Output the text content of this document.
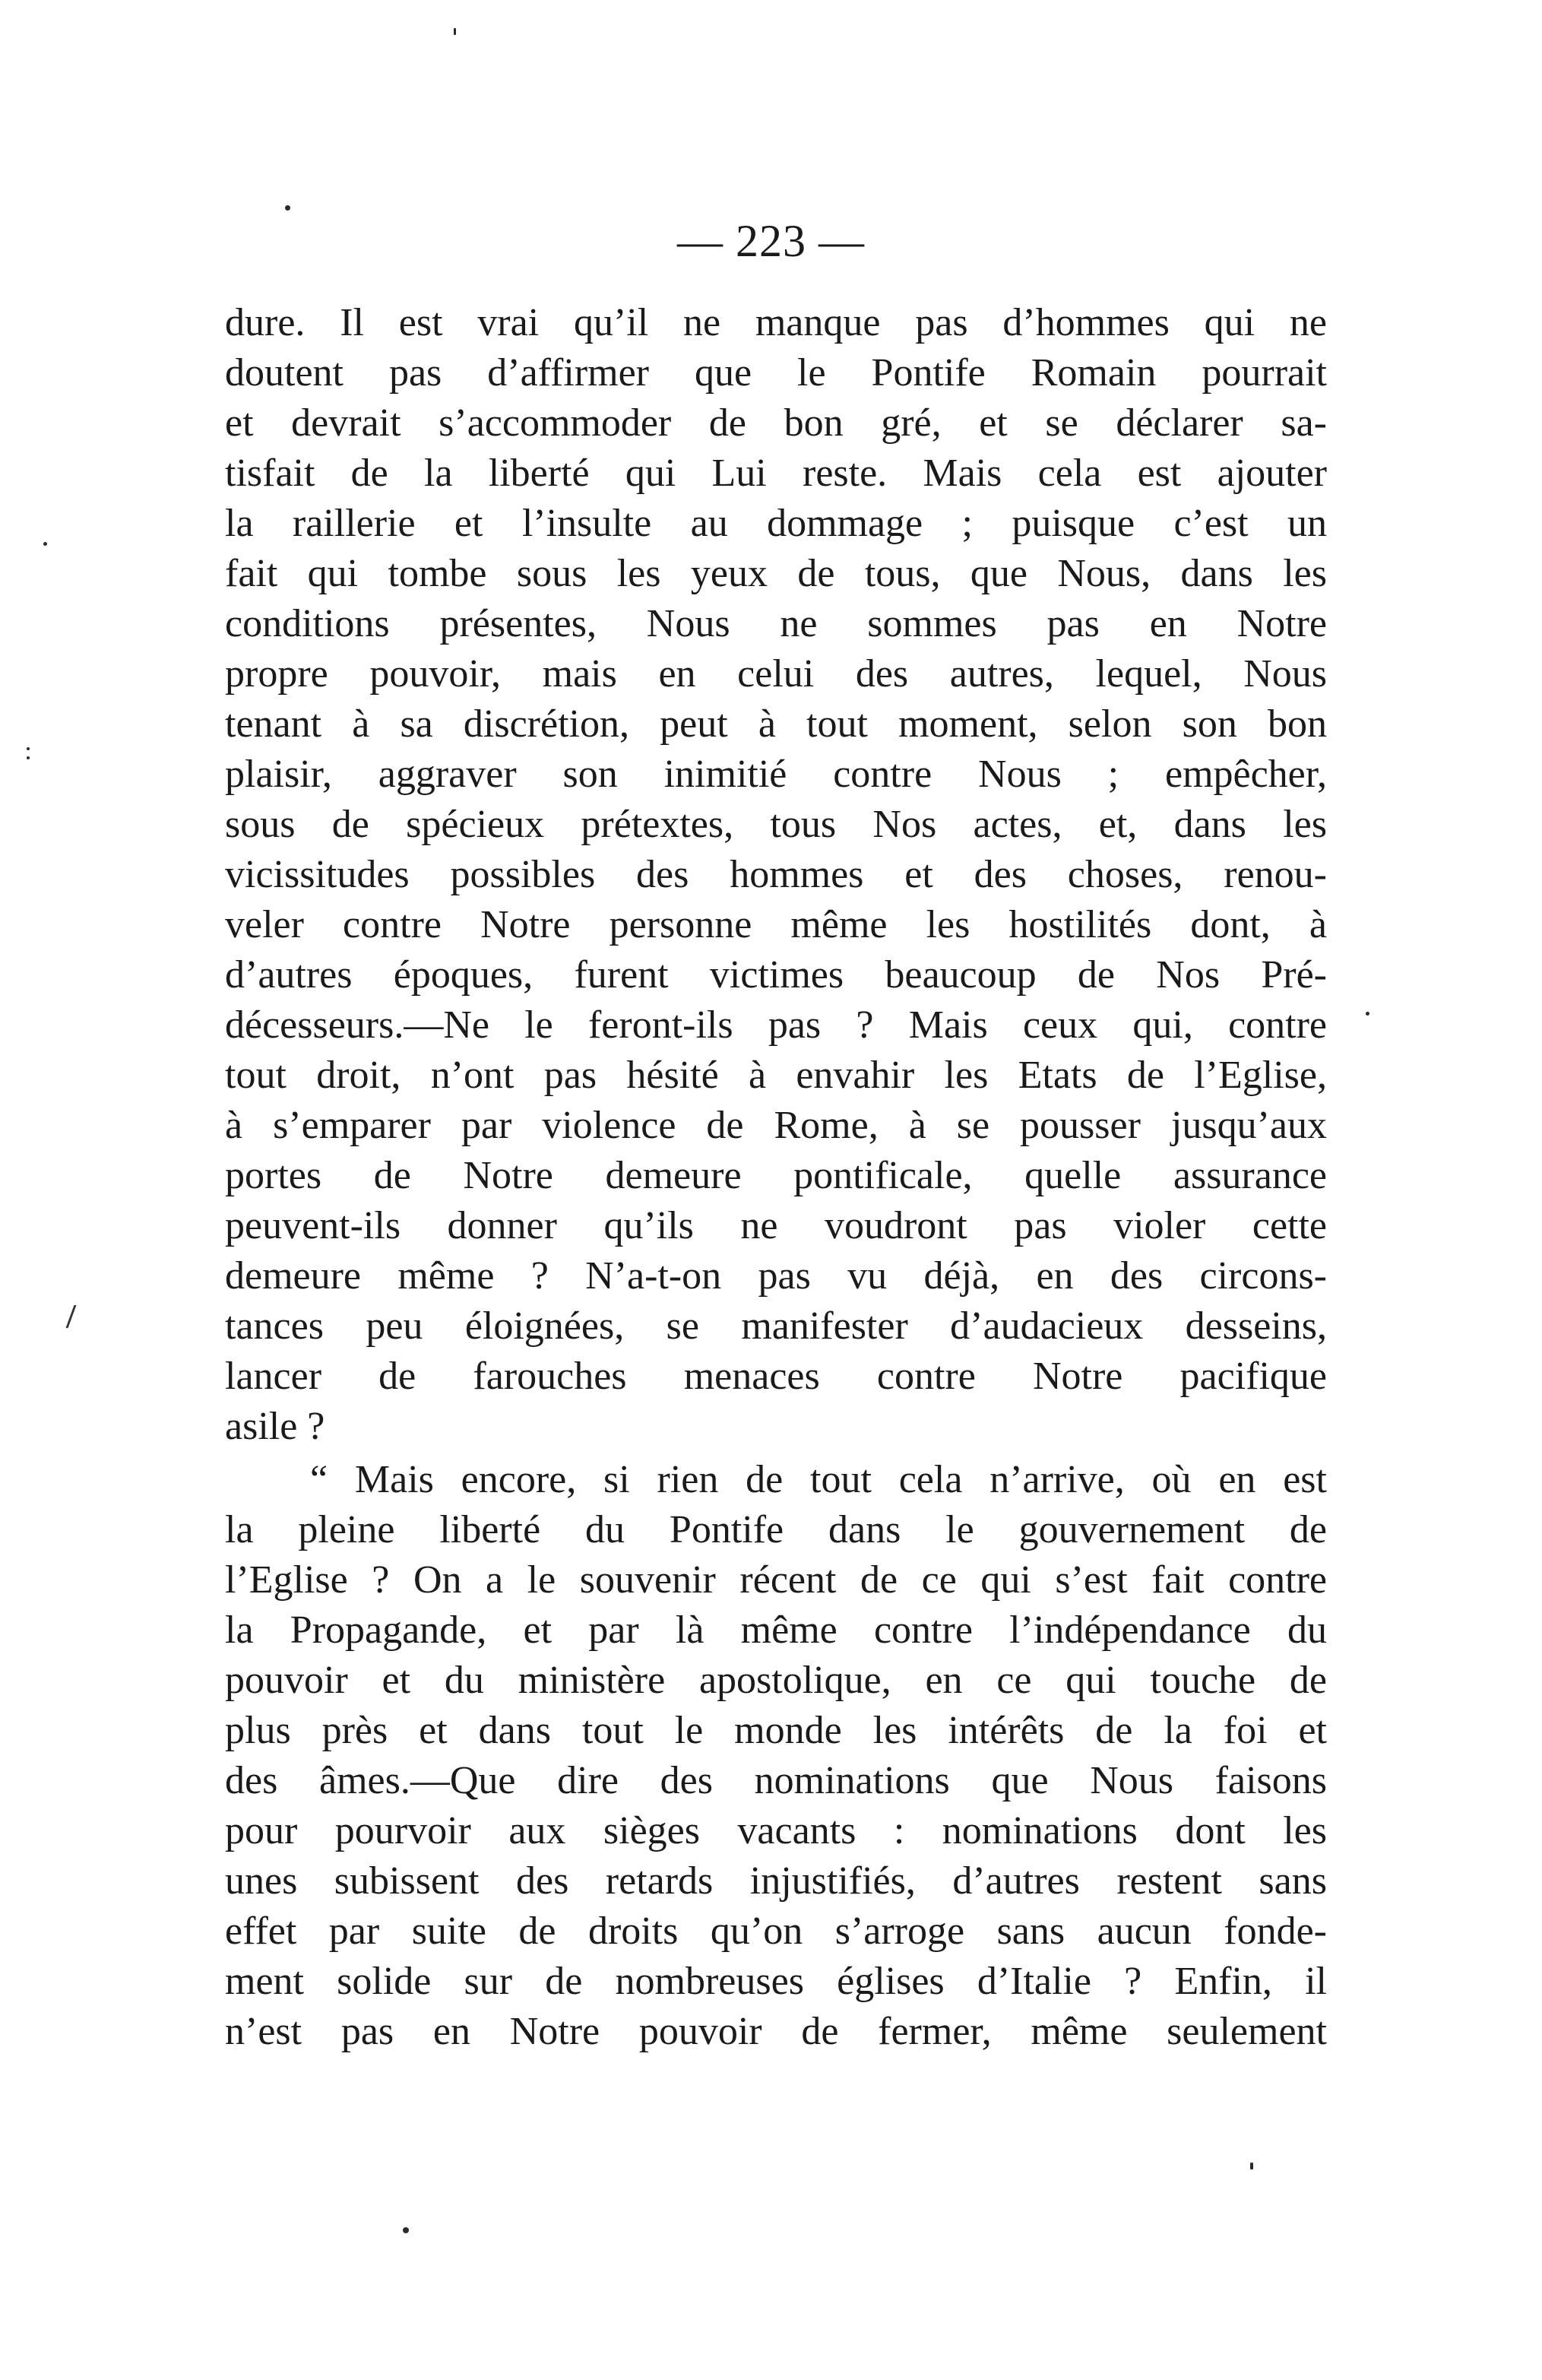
— 223 —
dure. Il est vrai qu’il ne manque pas d’hommes qui ne
doutent pas d’affirmer que le Pontife Romain pourrait
et devrait s’accommoder de bon gré, et se déclarer sa-
tisfait de la liberté qui Lui reste. Mais cela est ajouter
la raillerie et l’insulte au dommage ; puisque c’est un
fait qui tombe sous les yeux de tous, que Nous, dans les
conditions présentes, Nous ne sommes pas en Notre
propre pouvoir, mais en celui des autres, lequel, Nous
tenant à sa discrétion, peut à tout moment, selon son bon
plaisir, aggraver son inimitié contre Nous ; empêcher,
sous de spécieux prétextes, tous Nos actes, et, dans les
vicissitudes possibles des hommes et des choses, renou-
veler contre Notre personne même les hostilités dont, à
d’autres époques, furent victimes beaucoup de Nos Pré-
décesseurs.—Ne le feront-ils pas ? Mais ceux qui, contre
tout droit, n’ont pas hésité à envahir les Etats de l’Eglise,
à s’emparer par violence de Rome, à se pousser jusqu’aux
portes de Notre demeure pontificale, quelle assurance
peuvent-ils donner qu’ils ne voudront pas violer cette
demeure même ? N’a-t-on pas vu déjà, en des circons-
tances peu éloignées, se manifester d’audacieux desseins,
lancer de farouches menaces contre Notre pacifique
asile ?
“ Mais encore, si rien de tout cela n’arrive, où en est
la pleine liberté du Pontife dans le gouvernement de
l’Eglise ? On a le souvenir récent de ce qui s’est fait contre
la Propagande, et par là même contre l’indépendance du
pouvoir et du ministère apostolique, en ce qui touche de
plus près et dans tout le monde les intérêts de la foi et
des âmes.—Que dire des nominations que Nous faisons
pour pourvoir aux sièges vacants : nominations dont les
unes subissent des retards injustifiés, d’autres restent sans
effet par suite de droits qu’on s’arroge sans aucun fonde-
ment solide sur de nombreuses églises d’Italie ? Enfin, il
n’est pas en Notre pouvoir de fermer, même seulement
